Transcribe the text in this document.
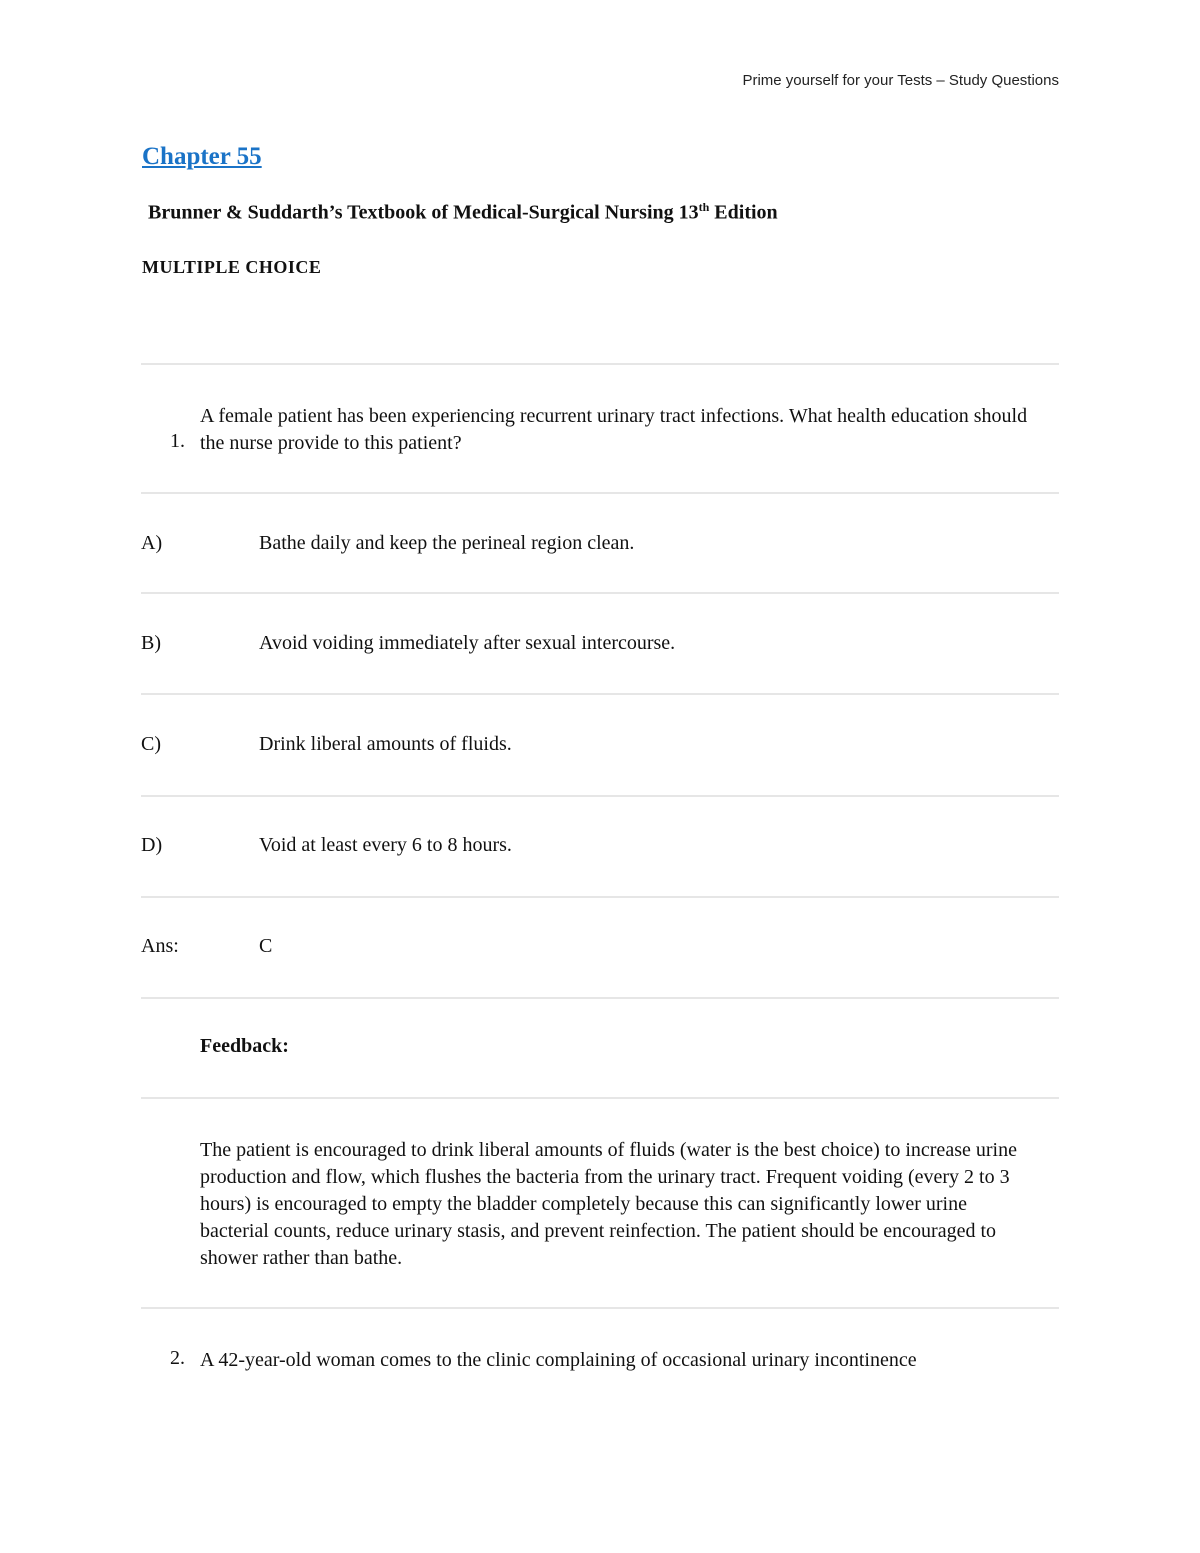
Prime yourself for your Tests – Study Questions
Chapter 55
Brunner & Suddarth’s Textbook of Medical-Surgical Nursing 13th Edition
MULTIPLE CHOICE
1.
A female patient has been experiencing recurrent urinary tract infections. What health education should the nurse provide to this patient?
A)	Bathe daily and keep the perineal region clean.
B)	Avoid voiding immediately after sexual intercourse.
C)	Drink liberal amounts of fluids.
D)	Void at least every 6 to 8 hours.
Ans:	C
Feedback:
The patient is encouraged to drink liberal amounts of fluids (water is the best choice) to increase urine production and flow, which flushes the bacteria from the urinary tract. Frequent voiding (every 2 to 3 hours) is encouraged to empty the bladder completely because this can significantly lower urine bacterial counts, reduce urinary stasis, and prevent reinfection. The patient should be encouraged to shower rather than bathe.
2. A 42-year-old woman comes to the clinic complaining of occasional urinary incontinence
